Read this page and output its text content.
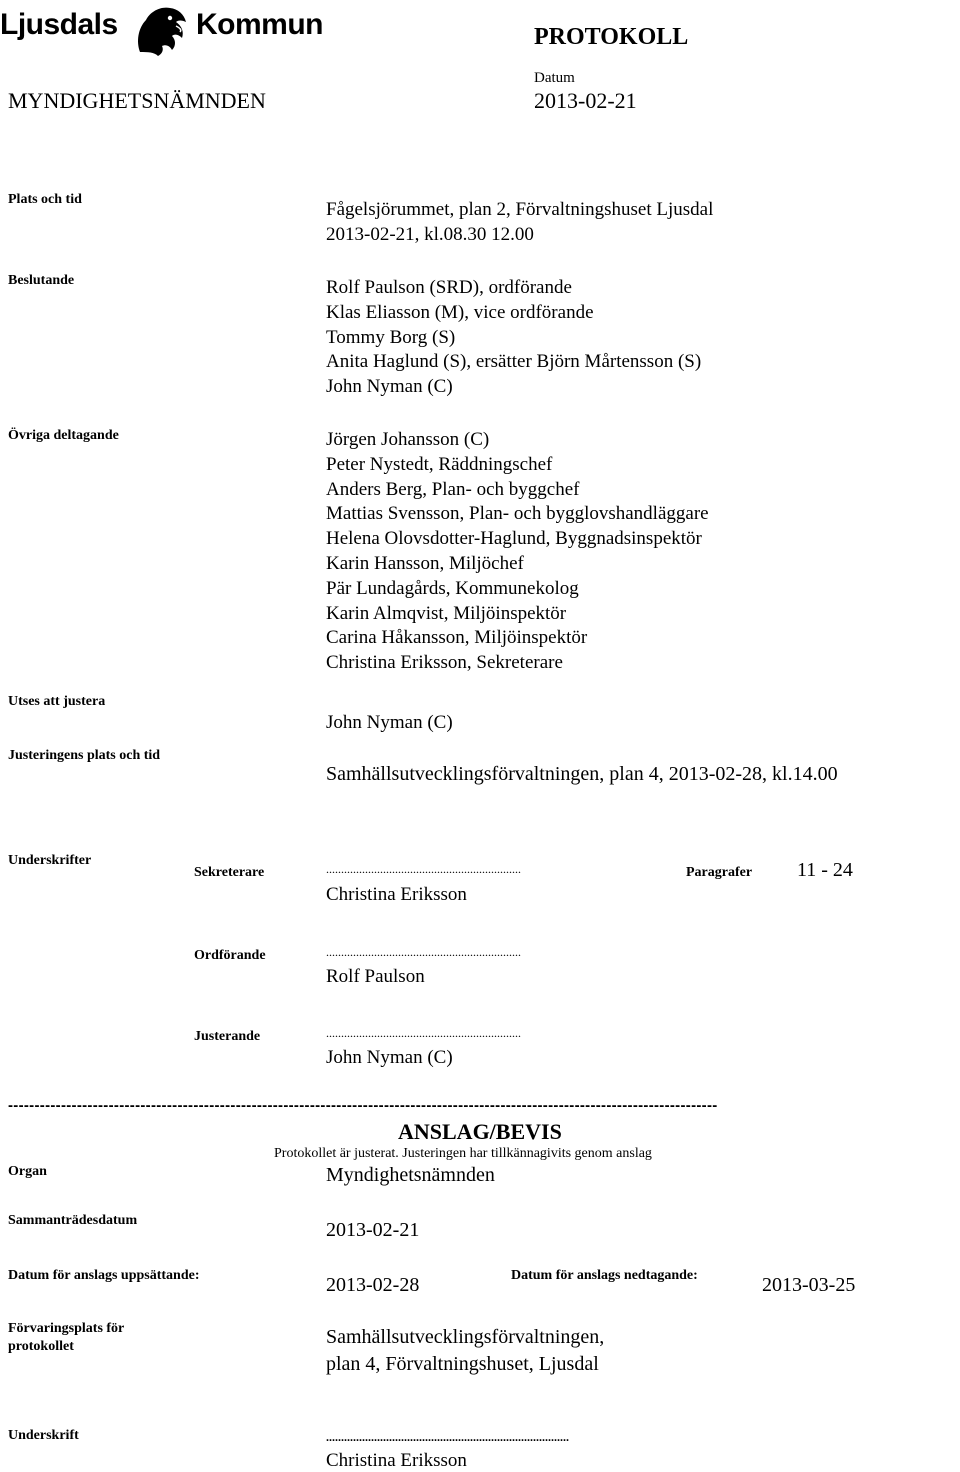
Ljusdals	Kommun	PROTOKOLL
Datum
MYNDIGHETSNÄMNDEN	2013-02-21
Plats och tid	Fågelsjörummet, plan 2, Förvaltningshuset Ljusdal
2013-02-21, kl.08.30 12.00
Beslutande	Rolf Paulson (SRD), ordförande
Klas Eliasson (M), vice ordförande
Tommy Borg (S)
Anita Haglund (S), ersätter Björn Mårtensson (S)
John Nyman (C)
Övriga deltagande	Jörgen Johansson (C)
Peter Nystedt, Räddningschef
Anders Berg, Plan- och byggchef
Mattias Svensson, Plan- och bygglovshandläggare
Helena Olovsdotter-Haglund, Byggnadsinspektör
Karin Hansson, Miljöchef
Pär Lundagårds, Kommunekolog
Karin Almqvist, Miljöinspektör
Carina Håkansson, Miljöinspektör
Christina Eriksson, Sekreterare
Utses att justera
John Nyman (C)
Justeringens plats och tid
Samhällsutvecklingsförvaltningen, plan 4, 2013-02-28, kl.14.00
Underskrifter
Sekreterare	.................................................................	Paragrafer 11 - 24
Christina Eriksson
Ordförande	.................................................................
Rolf Paulson
Justerande	.................................................................
John Nyman (C)
--------------------------------------------------------------------------------------------------------------------------------------
ANSLAG/BEVIS
Protokollet är justerat. Justeringen har tillkännagivits genom anslag
Organ	Myndighetsnämnden
Sammanträdesdatum	2013-02-21
Datum för anslags uppsättande:	2013-02-28	Datum för anslags nedtagande:	2013-03-25
Förvaringsplats för
protokollet	Samhällsutvecklingsförvaltningen,
plan 4, Förvaltningshuset, Ljusdal
Underskrift	.................................................................................
Christina Eriksson
